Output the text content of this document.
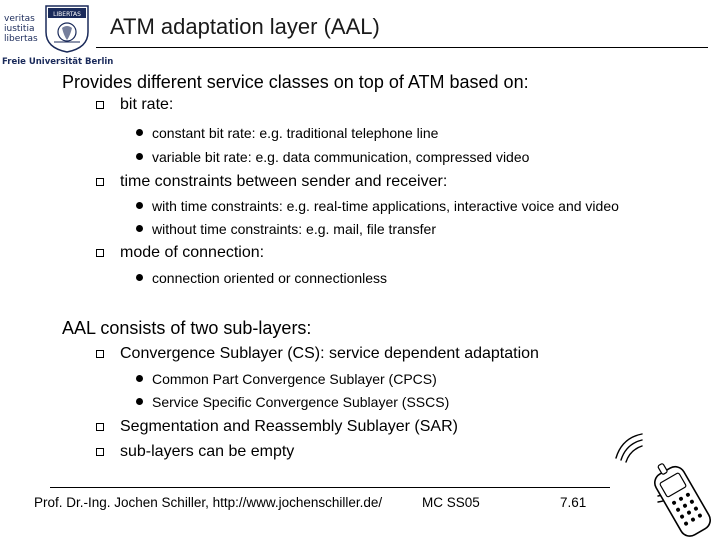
veritas
iustitia
libertas
LIBERTAS
Freie Universität Berlin
ATM adaptation layer (AAL)
Provides different service classes on top of ATM based on:
bit rate:
constant bit rate: e.g. traditional telephone line
variable bit rate: e.g. data communication, compressed video
time constraints between sender and receiver:
with time constraints: e.g. real-time applications, interactive voice and video
without time constraints: e.g. mail, file transfer
mode of connection:
connection oriented or connectionless
AAL consists of two sub-layers:
Convergence Sublayer (CS): service dependent adaptation
Common Part Convergence Sublayer (CPCS)
Service Specific Convergence Sublayer (SSCS)
Segmentation and Reassembly Sublayer (SAR)
sub-layers can be empty
Prof. Dr.-Ing. Jochen Schiller, http://www.jochenschiller.de/	MC SS05	7.61
